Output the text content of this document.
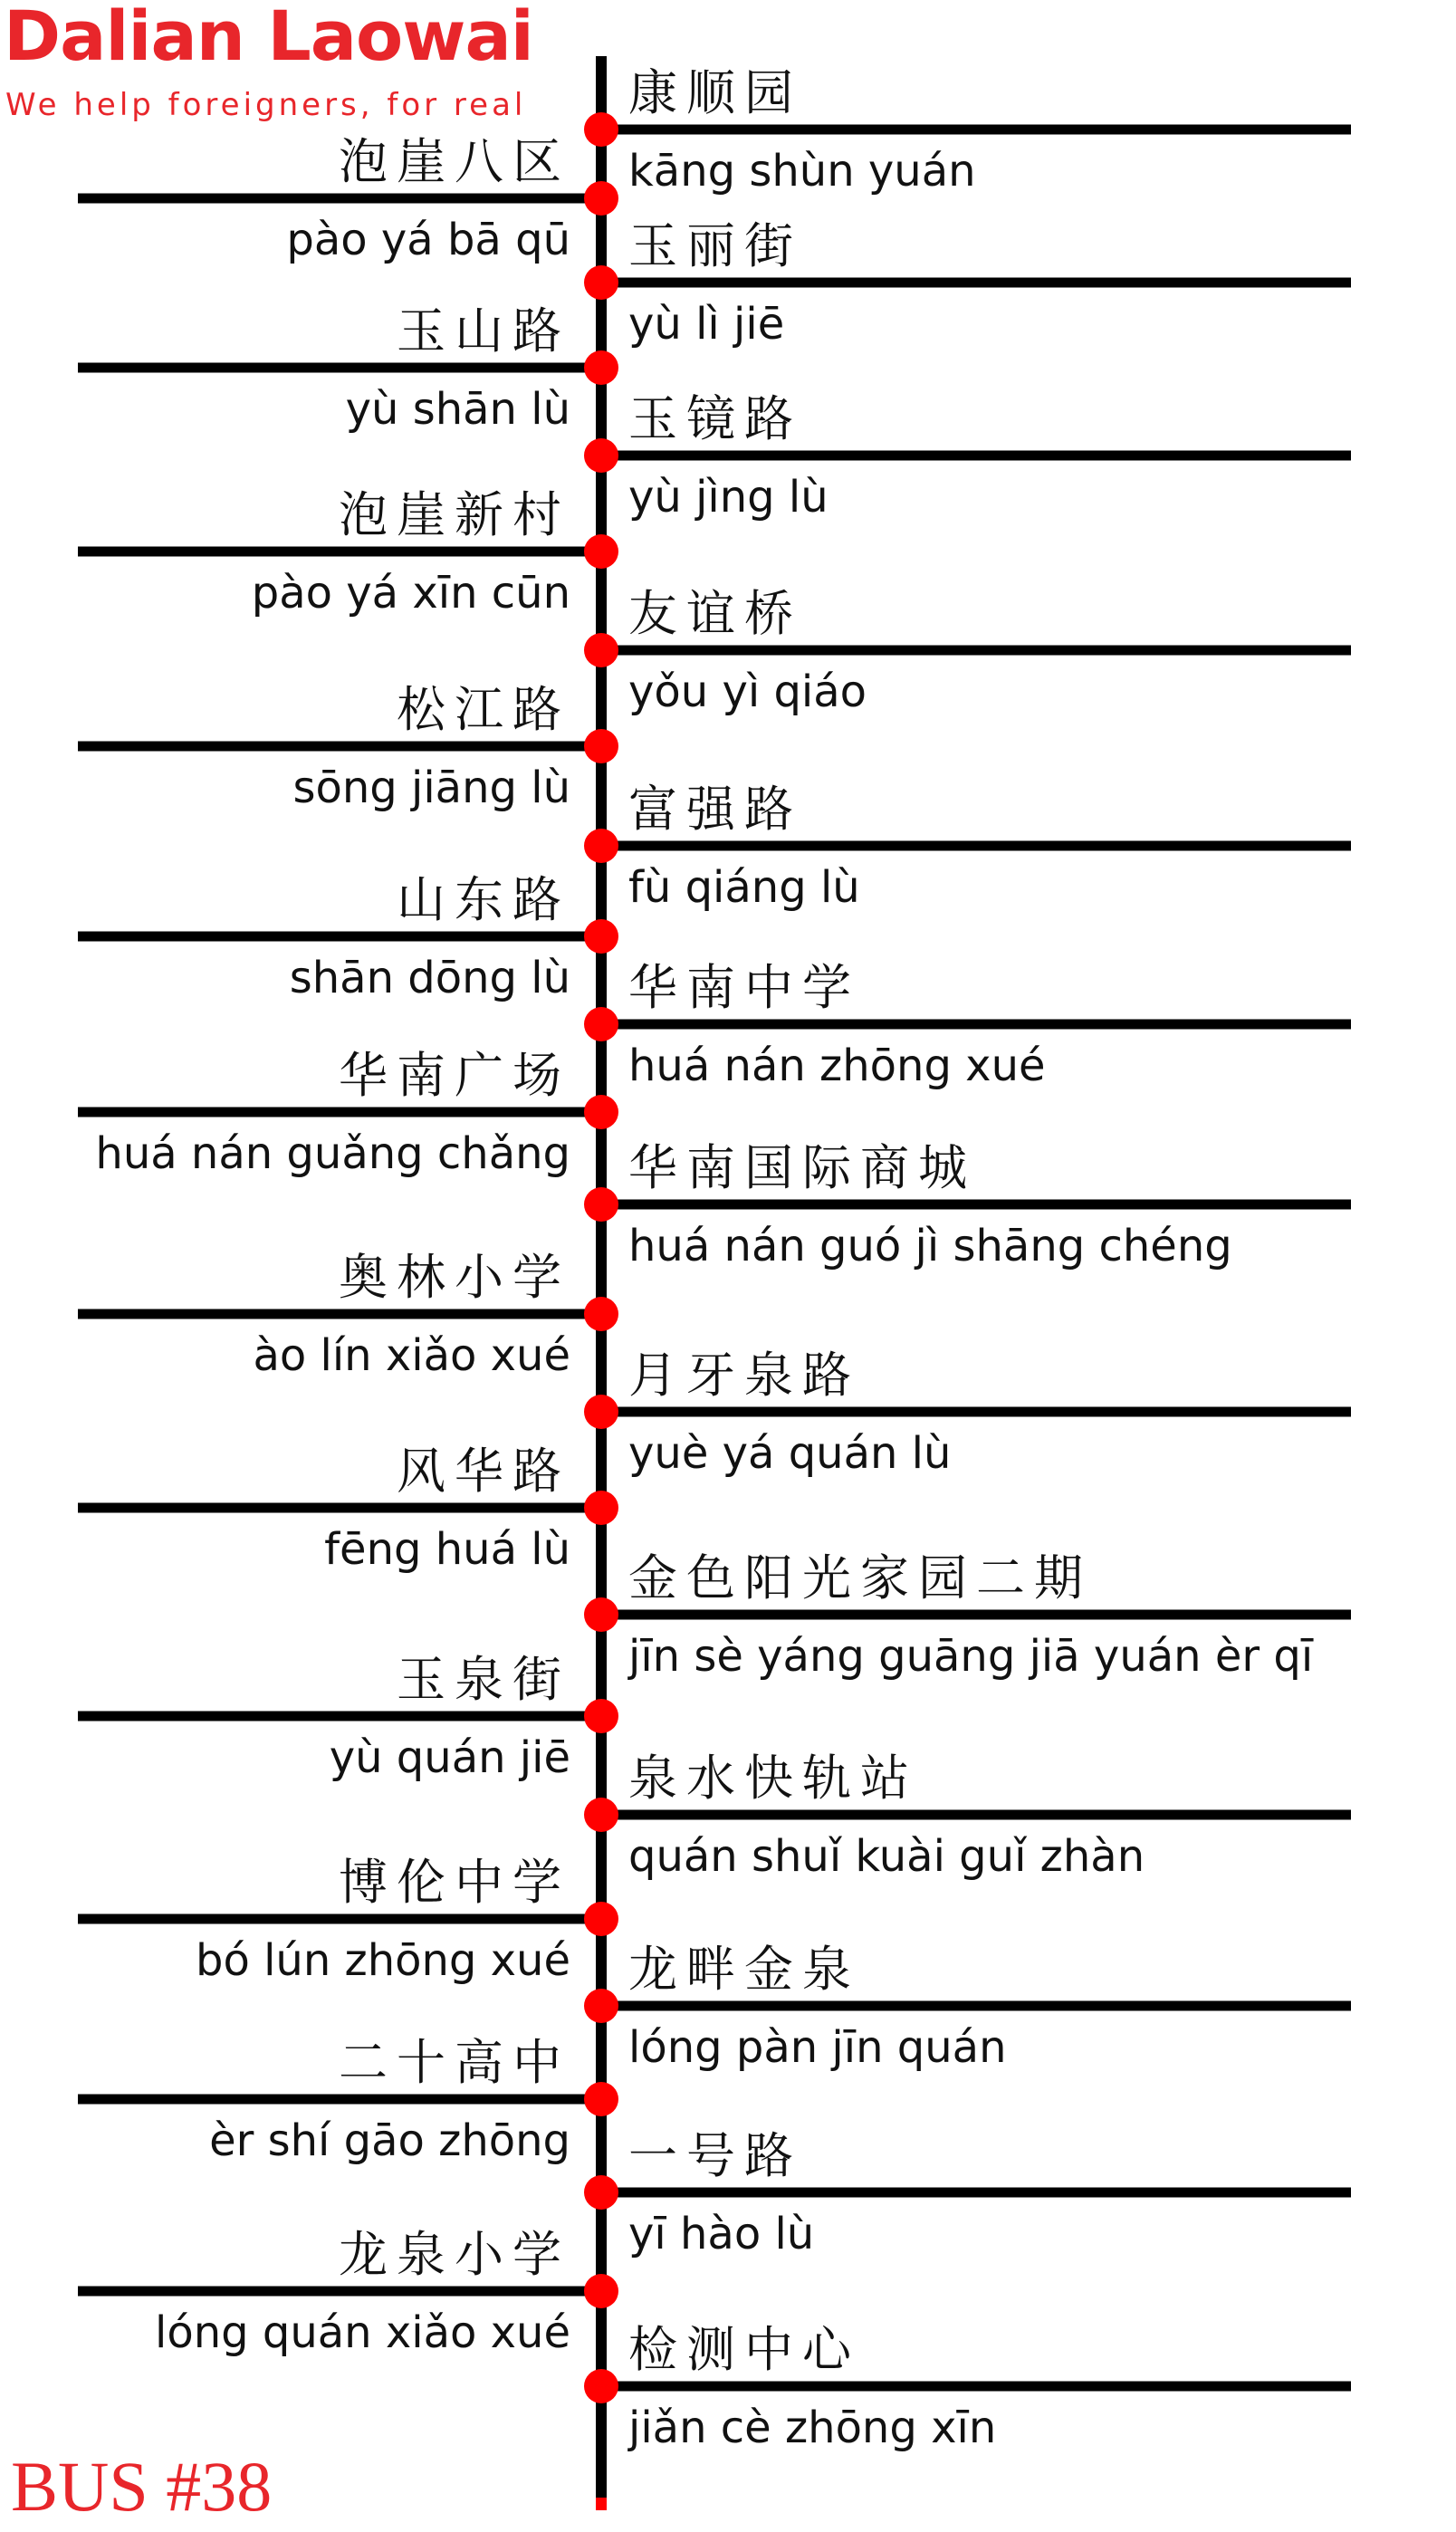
Dalian Laowai
We help foreigners, for real 康顺园
kāng shùn yuán
泡崖八区
pào yá bā qū 玉丽街
yù lì jiē
玉山路
yù shān lù 玉镜路
yù jìng lù
泡崖新村
pào yá xīn cūn 友谊桥
yǒu yì qiáo
松江路
sōng jiāng lù 富强路
fù qiáng lù
山东路
shān dōng lù 华南中学
huá nán zhōng xué
华南广场
huá nán guǎng chǎng 华南国际商城
huá nán guó jì shāng chéng
奥林小学
ào lín xiǎo xué 月牙泉路
yuè yá quán lù
风华路
fēng huá lù 金色阳光家园二期
jīn sè yáng guāng jiā yuán èr qī
玉泉街
yù quán jiē 泉水快轨站
quán shuǐ kuài guǐ zhàn
博伦中学
bó lún zhōng xué 龙畔金泉
lóng pàn jīn quán
二十高中
èr shí gāo zhōng 一号路
yī hào lù
龙泉小学
lóng quán xiǎo xué 检测中心
jiǎn cè zhōng xīn
BUS #38
